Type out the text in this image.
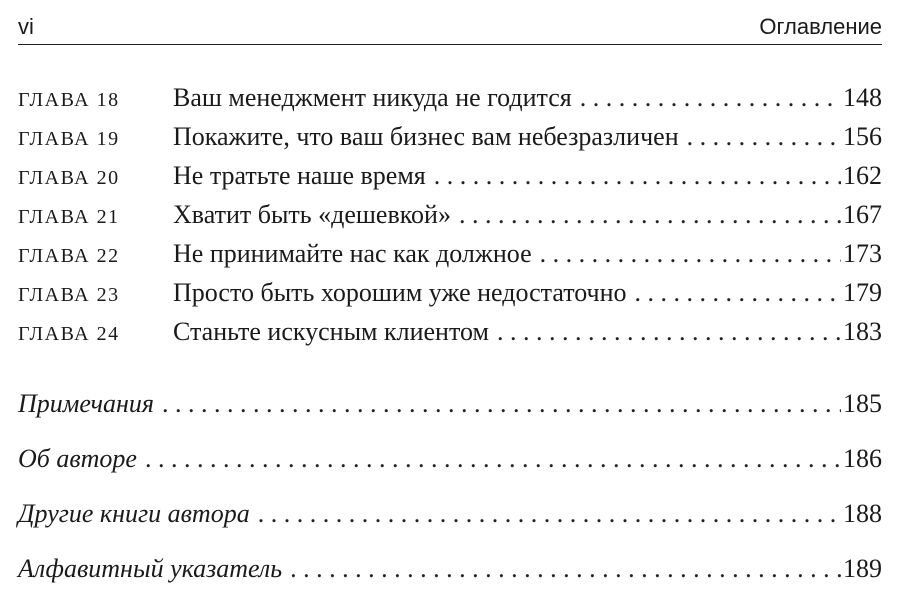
vi	Оглавление
ГЛАВА 18	Ваш менеджмент никуда не годится . . .	148
ГЛАВА 19	Покажите, что ваш бизнес вам небезразличен . . .	156
ГЛАВА 20	Не тратьте наше время . . .	162
ГЛАВА 21	Хватит быть «дешевкой» . . .	167
ГЛАВА 22	Не принимайте нас как должное . . .	173
ГЛАВА 23	Просто быть хорошим уже недостаточно . . .	179
ГЛАВА 24	Станьте искусным клиентом . . .	183
Примечания . . .	185
Об авторе . . .	186
Другие книги автора . . .	188
Алфавитный указатель . . .	189
